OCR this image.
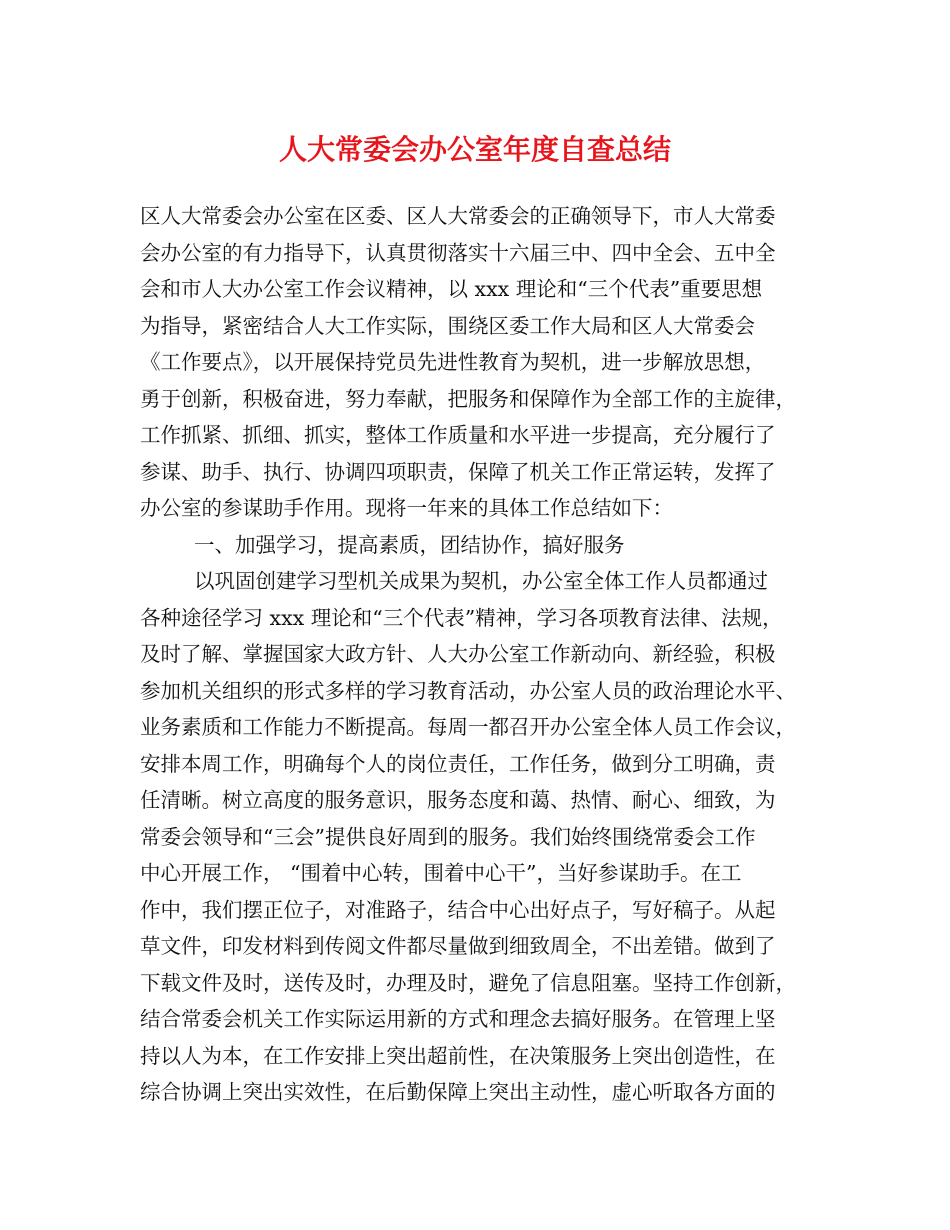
人大常委会办公室年度自查总结
区人大常委会办公室在区委、区人大常委会的正确领导下，市人大常委
会办公室的有力指导下，认真贯彻落实十六届三中、四中全会、五中全
会和市人大办公室工作会议精神，以 xxx 理论和“三个代表”重要思想
为指导，紧密结合人大工作实际，围绕区委工作大局和区人大常委会
《工作要点》，以开展保持党员先进性教育为契机，进一步解放思想，
勇于创新，积极奋进，努力奉献，把服务和保障作为全部工作的主旋律，
工作抓紧、抓细、抓实，整体工作质量和水平进一步提高，充分履行了
参谋、助手、执行、协调四项职责，保障了机关工作正常运转，发挥了
办公室的参谋助手作用。现将一年来的具体工作总结如下：
一、加强学习，提高素质，团结协作，搞好服务
以巩固创建学习型机关成果为契机，办公室全体工作人员都通过
各种途径学习 xxx 理论和“三个代表”精神，学习各项教育法律、法规，
及时了解、掌握国家大政方针、人大办公室工作新动向、新经验，积极
参加机关组织的形式多样的学习教育活动，办公室人员的政治理论水平、
业务素质和工作能力不断提高。每周一都召开办公室全体人员工作会议，
安排本周工作，明确每个人的岗位责任，工作任务，做到分工明确，责
任清晰。树立高度的服务意识，服务态度和蔼、热情、耐心、细致，为
常委会领导和“三会”提供良好周到的服务。我们始终围绕常委会工作
中心开展工作， “围着中心转，围着中心干”，当好参谋助手。在工
作中，我们摆正位子，对准路子，结合中心出好点子，写好稿子。从起
草文件，印发材料到传阅文件都尽量做到细致周全，不出差错。做到了
下载文件及时，送传及时，办理及时，避免了信息阻塞。坚持工作创新，
结合常委会机关工作实际运用新的方式和理念去搞好服务。在管理上坚
持以人为本，在工作安排上突出超前性，在决策服务上突出创造性，在
综合协调上突出实效性，在后勤保障上突出主动性，虚心听取各方面的
